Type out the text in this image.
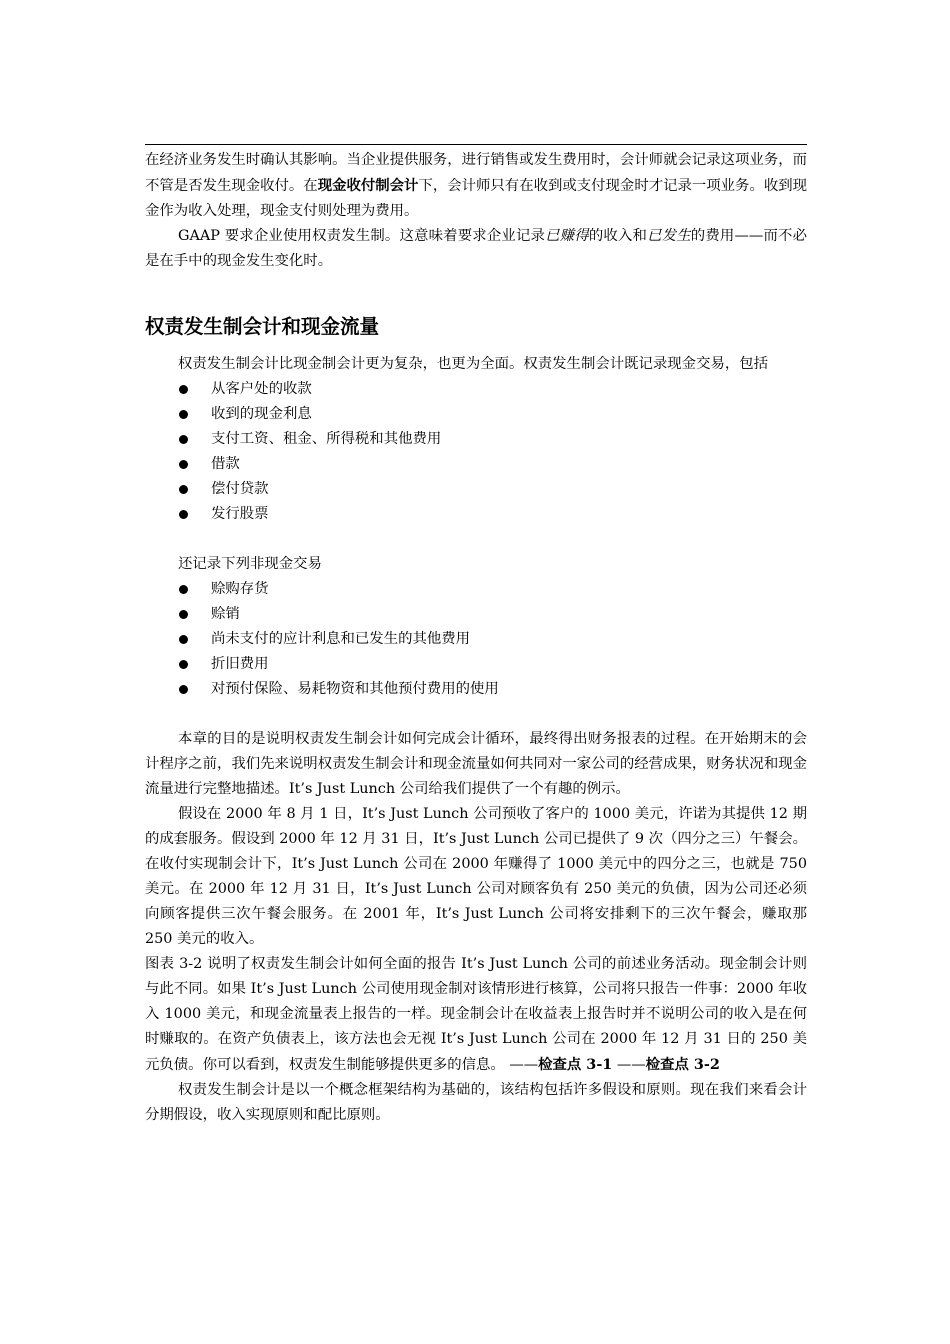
在经济业务发生时确认其影响。当企业提供服务，进行销售或发生费用时，会计师就会记录这项业务，而不管是否发生现金收付。在现金收付制会计下，会计师只有在收到或支付现金时才记录一项业务。收到现金作为收入处理，现金支付则处理为费用。

GAAP 要求企业使用权责发生制。这意味着要求企业记录已赚得的收入和已发生的费用——而不必是在手中的现金发生变化时。

权责发生制会计和现金流量

权责发生制会计比现金制会计更为复杂，也更为全面。权责发生制会计既记录现金交易，包括

从客户处的收款
收到的现金利息
支付工资、租金、所得税和其他费用
借款
偿付贷款
发行股票

还记录下列非现金交易

赊购存货
赊销
尚未支付的应计利息和已发生的其他费用
折旧费用
对预付保险、易耗物资和其他预付费用的使用

本章的目的是说明权责发生制会计如何完成会计循环，最终得出财务报表的过程。在开始期末的会计程序之前，我们先来说明权责发生制会计和现金流量如何共同对一家公司的经营成果，财务状况和现金流量进行完整地描述。It’s Just Lunch 公司给我们提供了一个有趣的例示。

假设在 2000 年 8 月 1 日，It’s Just Lunch 公司预收了客户的 1000 美元，许诺为其提供 12 期的成套服务。假设到 2000 年 12 月 31 日，It’s Just Lunch 公司已提供了 9 次（四分之三）午餐会。在收付实现制会计下，It’s Just Lunch 公司在 2000 年赚得了 1000 美元中的四分之三，也就是 750 美元。在 2000 年 12 月 31 日，It’s Just Lunch 公司对顾客负有 250 美元的负债，因为公司还必须向顾客提供三次午餐会服务。在 2001 年，It’s Just Lunch 公司将安排剩下的三次午餐会，赚取那 250 美元的收入。

图表 3-2 说明了权责发生制会计如何全面的报告 It’s Just Lunch 公司的前述业务活动。现金制会计则与此不同。如果 It’s Just Lunch 公司使用现金制对该情形进行核算，公司将只报告一件事：2000 年收入 1000 美元，和现金流量表上报告的一样。现金制会计在收益表上报告时并不说明公司的收入是在何时赚取的。在资产负债表上，该方法也会无视 It’s Just Lunch 公司在 2000 年 12 月 31 日的 250 美元负债。你可以看到，权责发生制能够提供更多的信息。 ——检查点 3-1 ——检查点 3-2

权责发生制会计是以一个概念框架结构为基础的，该结构包括许多假设和原则。现在我们来看会计分期假设，收入实现原则和配比原则。
